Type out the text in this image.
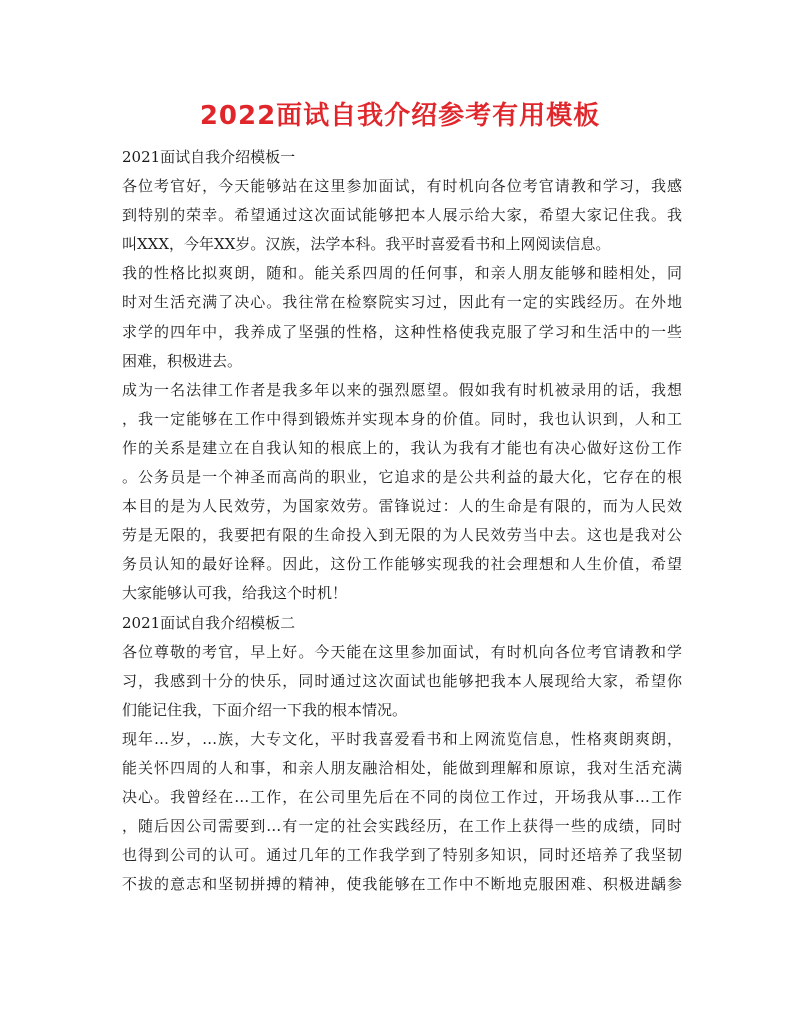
2022面试自我介绍参考有用模板
2021面试自我介绍模板一
各位考官好，今天能够站在这里参加面试，有时机向各位考官请教和学习，我感
到特别的荣幸。希望通过这次面试能够把本人展示给大家，希望大家记住我。我
叫XXX，今年XX岁。汉族，法学本科。我平时喜爱看书和上网阅读信息。
我的性格比拟爽朗，随和。能关系四周的任何事，和亲人朋友能够和睦相处，同
时对生活充满了决心。我往常在检察院实习过，因此有一定的实践经历。在外地
求学的四年中，我养成了坚强的性格，这种性格使我克服了学习和生活中的一些
困难，积极进去。
成为一名法律工作者是我多年以来的强烈愿望。假如我有时机被录用的话，我想
，我一定能够在工作中得到锻炼并实现本身的价值。同时，我也认识到，人和工
作的关系是建立在自我认知的根底上的，我认为我有才能也有决心做好这份工作
。公务员是一个神圣而高尚的职业，它追求的是公共利益的最大化，它存在的根
本目的是为人民效劳，为国家效劳。雷锋说过：人的生命是有限的，而为人民效
劳是无限的，我要把有限的生命投入到无限的为人民效劳当中去。这也是我对公
务员认知的最好诠释。因此，这份工作能够实现我的社会理想和人生价值，希望
大家能够认可我，给我这个时机！
2021面试自我介绍模板二
各位尊敬的考官，早上好。今天能在这里参加面试，有时机向各位考官请教和学
习，我感到十分的快乐，同时通过这次面试也能够把我本人展现给大家，希望你
们能记住我，下面介绍一下我的根本情况。
现年…岁，…族，大专文化，平时我喜爱看书和上网流览信息，性格爽朗爽朗，
能关怀四周的人和事，和亲人朋友融洽相处，能做到理解和原谅，我对生活充满
决心。我曾经在…工作，在公司里先后在不同的岗位工作过，开场我从事…工作
，随后因公司需要到…有一定的社会实践经历，在工作上获得一些的成绩，同时
也得到公司的认可。通过几年的工作我学到了特别多知识，同时还培养了我坚韧
不拔的意志和坚韧拼搏的精神，使我能够在工作中不断地克服困难、积极进龋参
